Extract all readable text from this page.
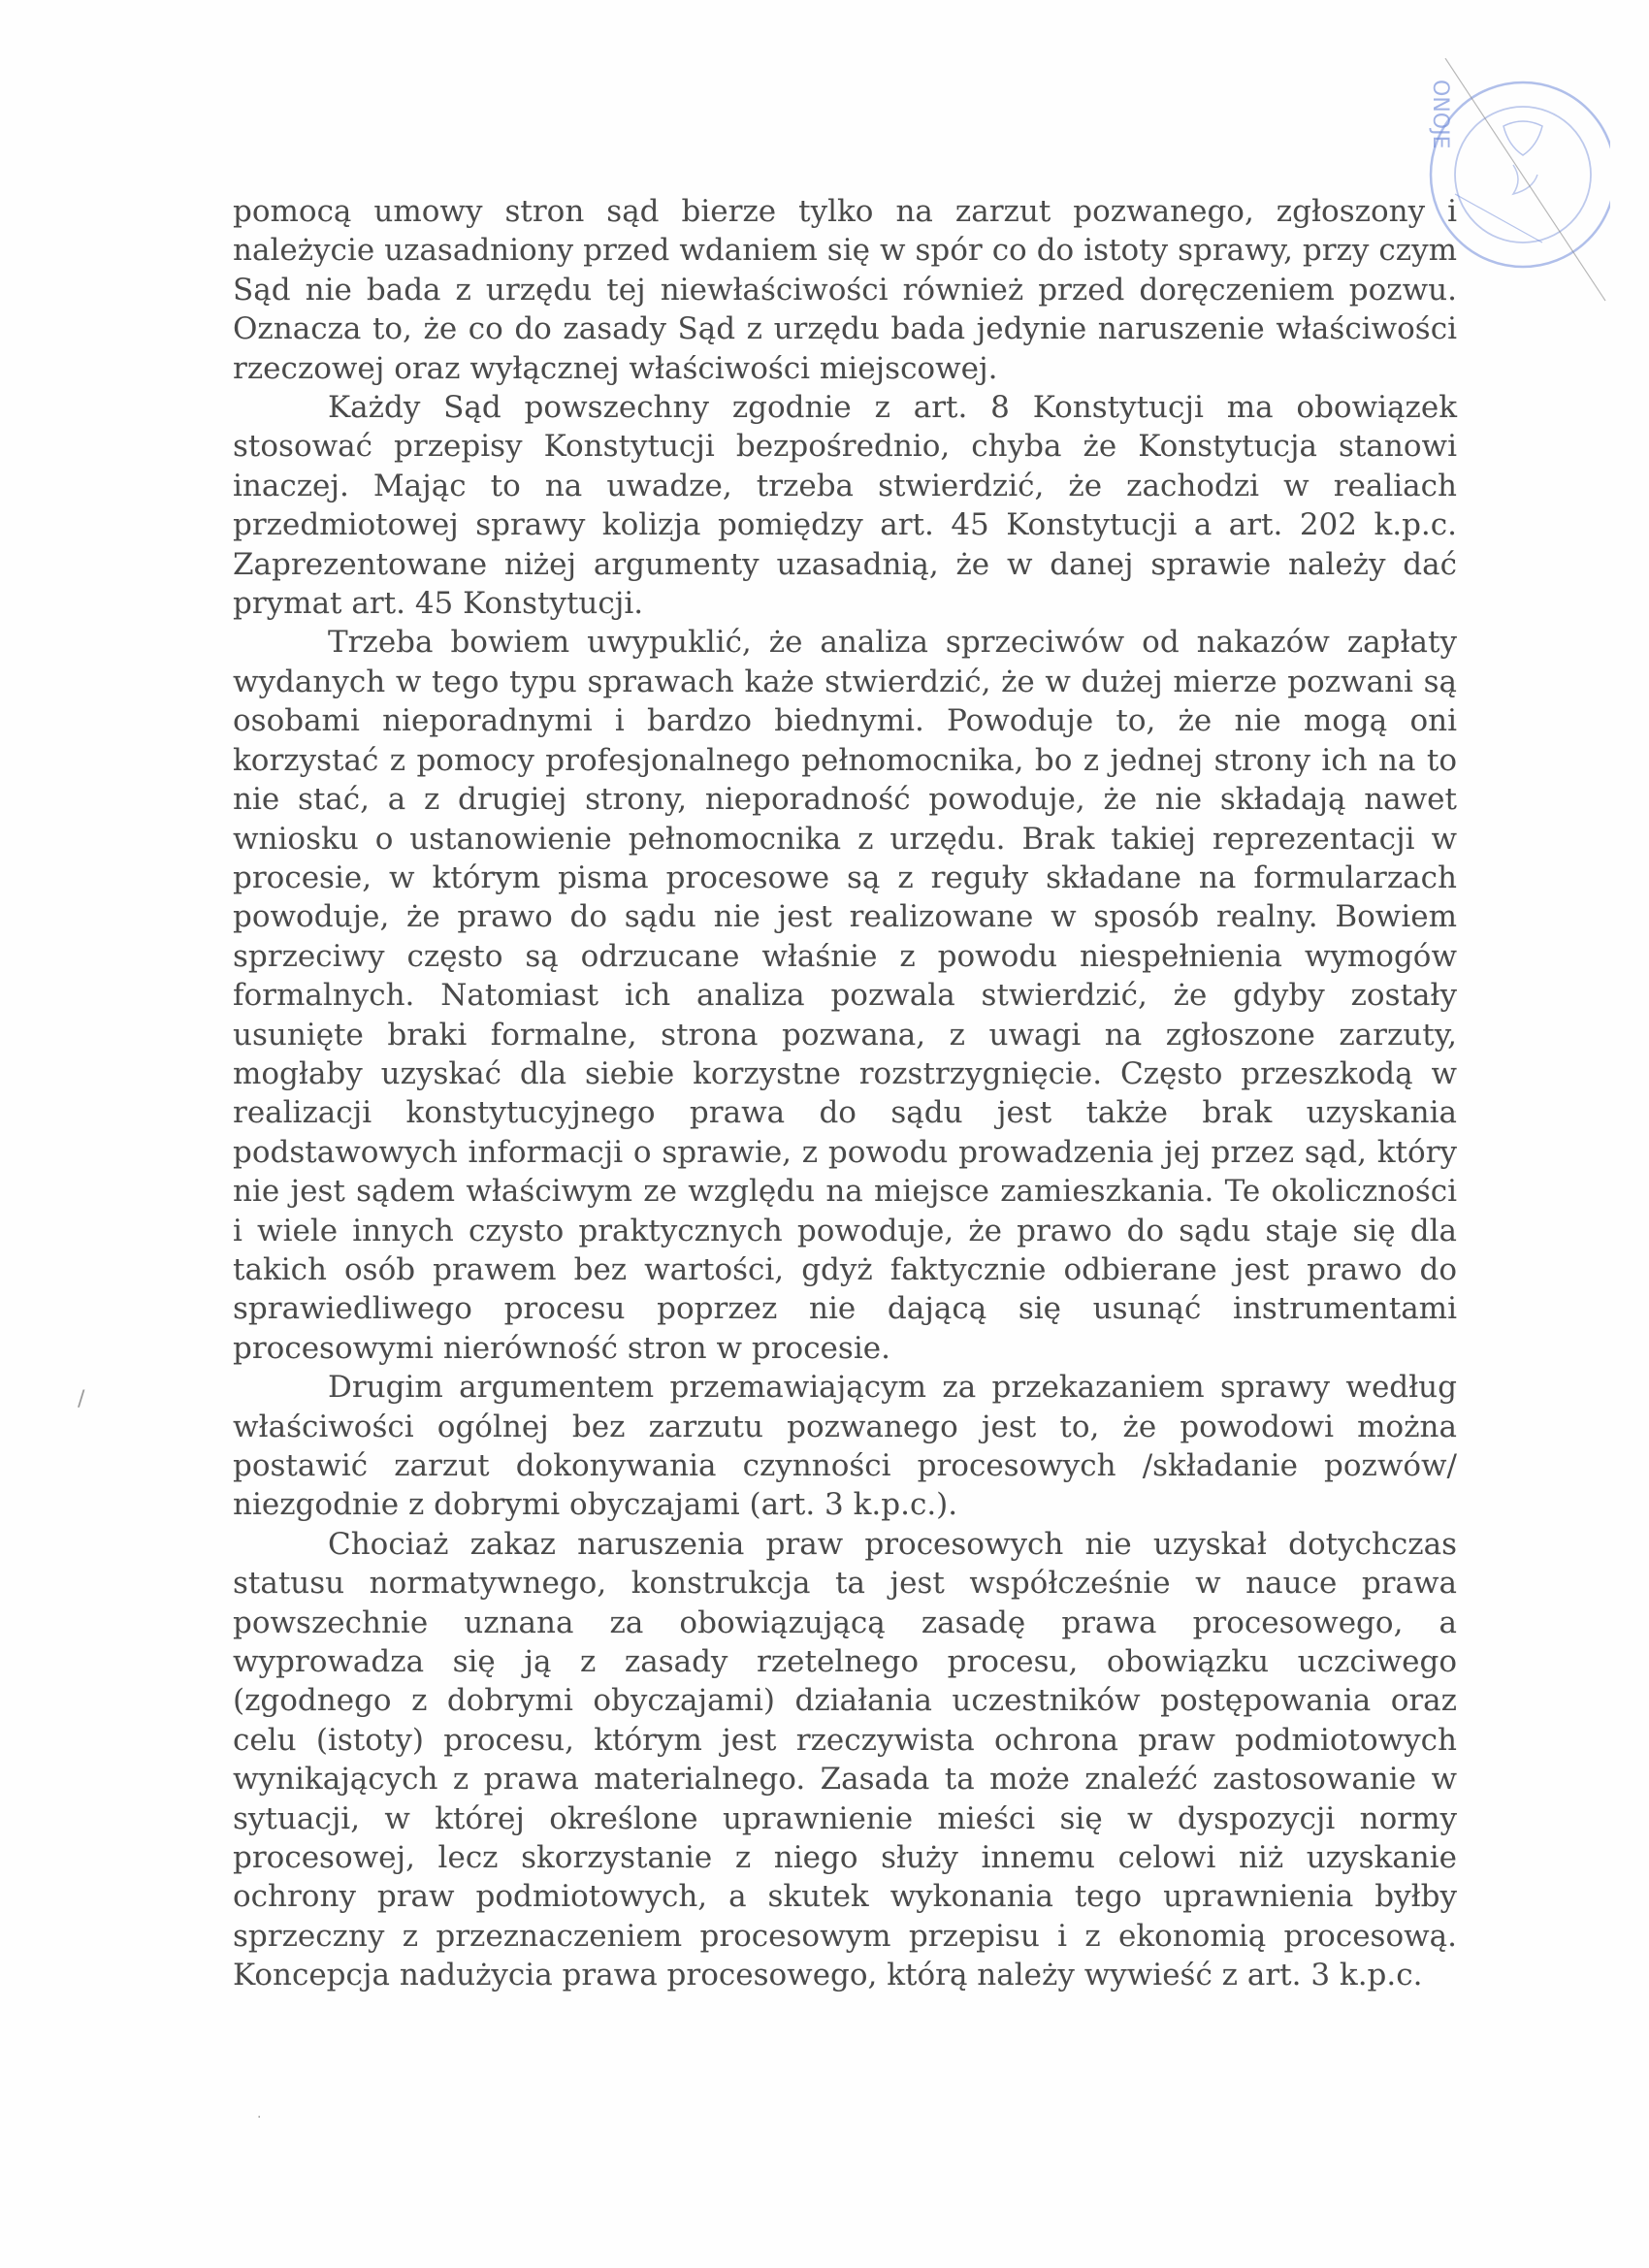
ONOJE

pomocą umowy stron sąd bierze tylko na zarzut pozwanego, zgłoszony i należycie uzasadniony przed wdaniem się w spór co do istoty sprawy, przy czym Sąd nie bada z urzędu tej niewłaściwości również przed doręczeniem pozwu. Oznacza to, że co do zasady Sąd z urzędu bada jedynie naruszenie właściwości rzeczowej oraz wyłącznej właściwości miejscowej.

Każdy Sąd powszechny zgodnie z art. 8 Konstytucji ma obowiązek stosować przepisy Konstytucji bezpośrednio, chyba że Konstytucja stanowi inaczej. Mając to na uwadze, trzeba stwierdzić, że zachodzi w realiach przedmiotowej sprawy kolizja pomiędzy art. 45 Konstytucji a art. 202 k.p.c. Zaprezentowane niżej argumenty uzasadnią, że w danej sprawie należy dać prymat art. 45 Konstytucji.

Trzeba bowiem uwypuklić, że analiza sprzeciwów od nakazów zapłaty wydanych w tego typu sprawach każe stwierdzić, że w dużej mierze pozwani są osobami nieporadnymi i bardzo biednymi. Powoduje to, że nie mogą oni korzystać z pomocy profesjonalnego pełnomocnika, bo z jednej strony ich na to nie stać, a z drugiej strony, nieporadność powoduje, że nie składają nawet wniosku o ustanowienie pełnomocnika z urzędu. Brak takiej reprezentacji w procesie, w którym pisma procesowe są z reguły składane na formularzach powoduje, że prawo do sądu nie jest realizowane w sposób realny. Bowiem sprzeciwy często są odrzucane właśnie z powodu niespełnienia wymogów formalnych. Natomiast ich analiza pozwala stwierdzić, że gdyby zostały usunięte braki formalne, strona pozwana, z uwagi na zgłoszone zarzuty, mogłaby uzyskać dla siebie korzystne rozstrzygnięcie. Często przeszkodą w realizacji konstytucyjnego prawa do sądu jest także brak uzyskania podstawowych informacji o sprawie, z powodu prowadzenia jej przez sąd, który nie jest sądem właściwym ze względu na miejsce zamieszkania. Te okoliczności i wiele innych czysto praktycznych powoduje, że prawo do sądu staje się dla takich osób prawem bez wartości, gdyż faktycznie odbierane jest prawo do sprawiedliwego procesu poprzez nie dającą się usunąć instrumentami procesowymi nierówność stron w procesie.

Drugim argumentem przemawiającym za przekazaniem sprawy według właściwości ogólnej bez zarzutu pozwanego jest to, że powodowi można postawić zarzut dokonywania czynności procesowych /składanie pozwów/ niezgodnie z dobrymi obyczajami (art. 3 k.p.c.).

Chociaż zakaz naruszenia praw procesowych nie uzyskał dotychczas statusu normatywnego, konstrukcja ta jest współcześnie w nauce prawa powszechnie uznana za obowiązującą zasadę prawa procesowego, a wyprowadza się ją z zasady rzetelnego procesu, obowiązku uczciwego (zgodnego z dobrymi obyczajami) działania uczestników postępowania oraz celu (istoty) procesu, którym jest rzeczywista ochrona praw podmiotowych wynikających z prawa materialnego. Zasada ta może znaleźć zastosowanie w sytuacji, w której określone uprawnienie mieści się w dyspozycji normy procesowej, lecz skorzystanie z niego służy innemu celowi niż uzyskanie ochrony praw podmiotowych, a skutek wykonania tego uprawnienia byłby sprzeczny z przeznaczeniem procesowym przepisu i z ekonomią procesową. Koncepcja nadużycia prawa procesowego, którą należy wywieść z art. 3 k.p.c.

/
·
